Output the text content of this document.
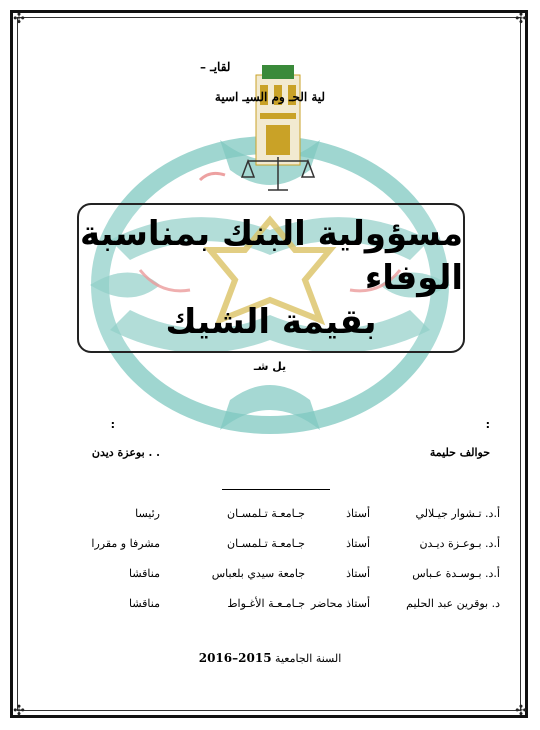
✣	✣
✣	✣
لقايـ –
لية الحـ وم السيـ اسية
مسؤولية البنك بمناسبة الوفاء
بقيمة الشيك
يل شـ
:
:
حوالف حليمة
. . بوعزة ديدن
أ.د. تـشوار جيـلالي
أستاذ
جـامعـة تـلمسـان
رئيسا
أ.د. بـوعـزة ديـدن
أستاذ
جـامعـة تـلمسـان
مشرفا و مقررا
أ.د. بـوسـدة عـباس
أستاذ
جامعة سيدي بلعباس
مناقشا
د. بوقرين عبد الحليم
أستاذ محاضر
جـامـعـة الأغـواط
مناقشا
السنة الجامعية 2015–2016
